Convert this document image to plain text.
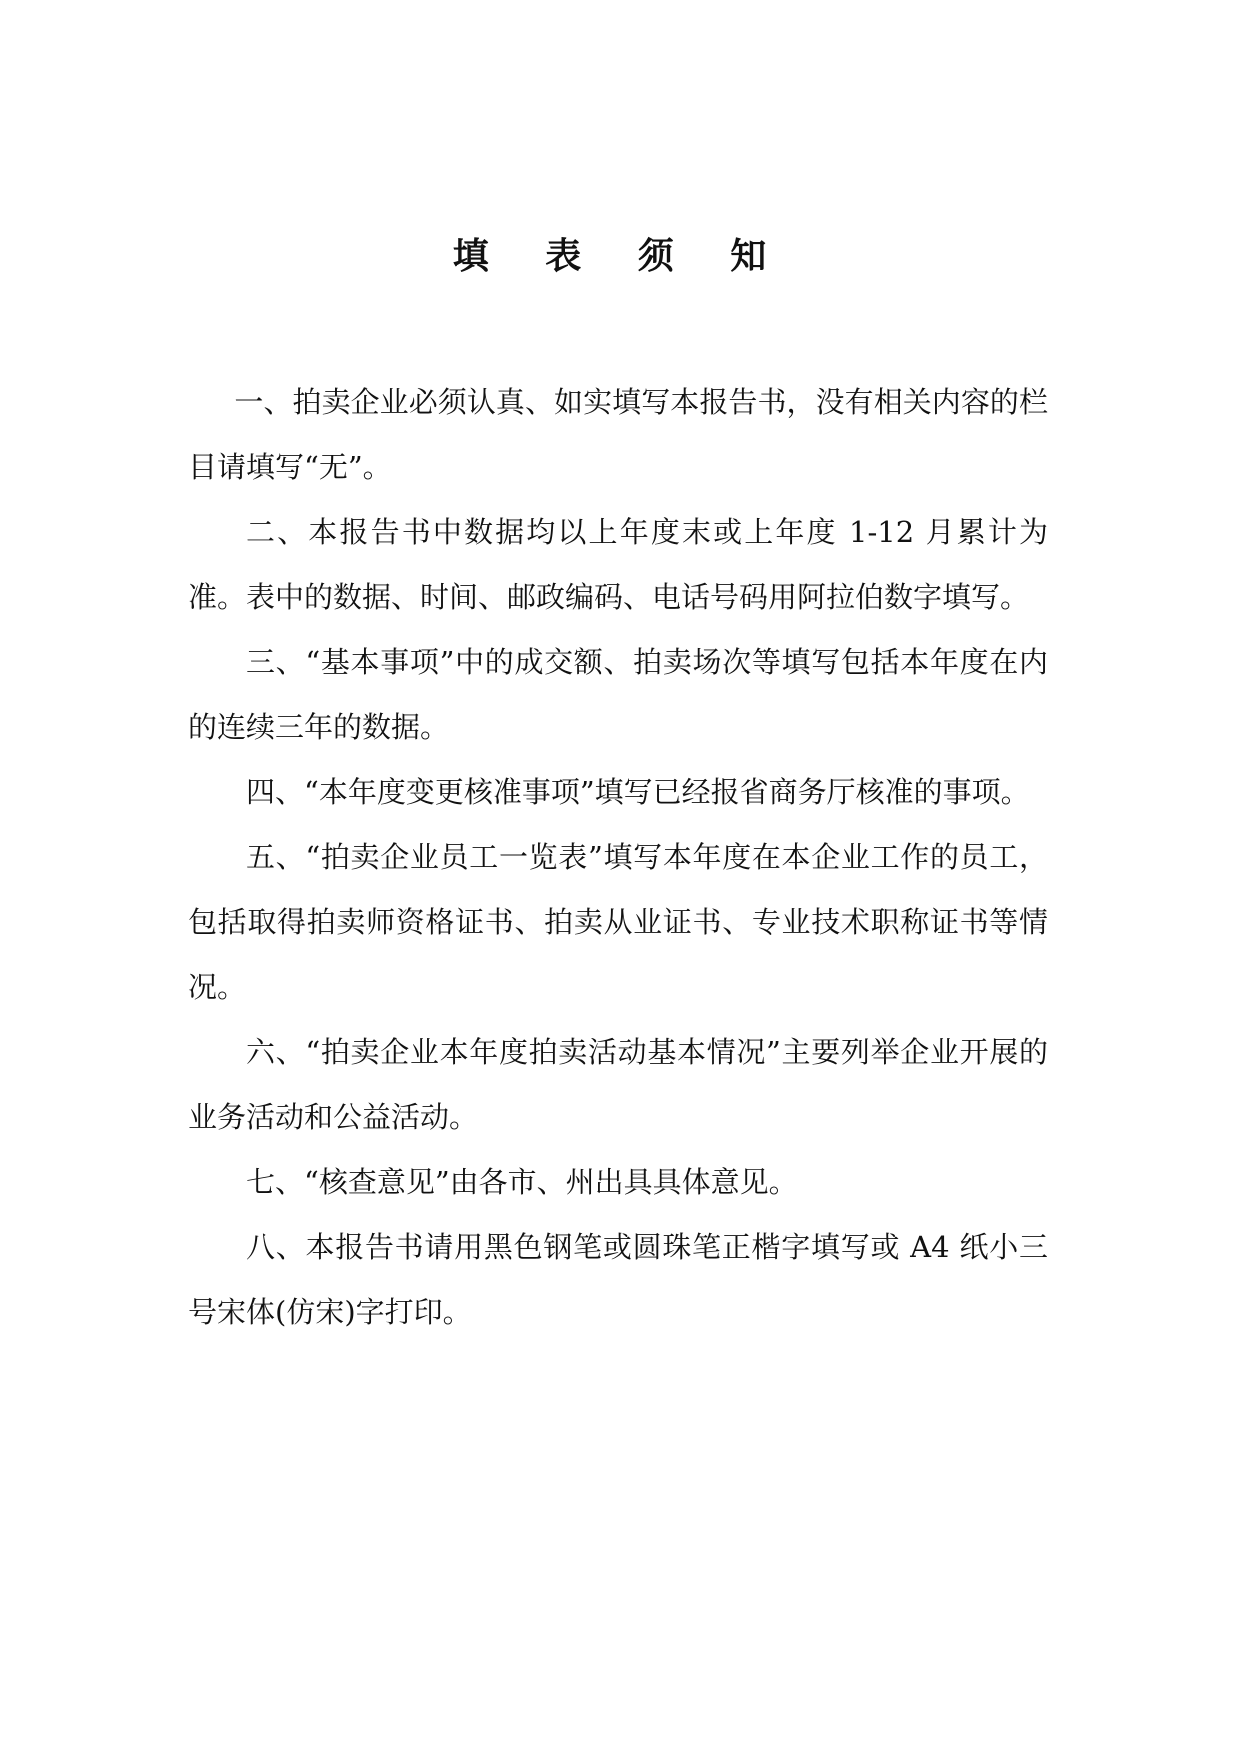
填 表 须 知

一、拍卖企业必须认真、如实填写本报告书，没有相关内容的栏目请填写“无”。

二、本报告书中数据均以上年度末或上年度 1-12 月累计为准。表中的数据、时间、邮政编码、电话号码用阿拉伯数字填写。

三、“基本事项”中的成交额、拍卖场次等填写包括本年度在内的连续三年的数据。

四、“本年度变更核准事项”填写已经报省商务厅核准的事项。

五、“拍卖企业员工一览表”填写本年度在本企业工作的员工，包括取得拍卖师资格证书、拍卖从业证书、专业技术职称证书等情况。

六、“拍卖企业本年度拍卖活动基本情况”主要列举企业开展的业务活动和公益活动。

七、“核查意见”由各市、州出具具体意见。

八、本报告书请用黑色钢笔或圆珠笔正楷字填写或 A4 纸小三号宋体(仿宋)字打印。
